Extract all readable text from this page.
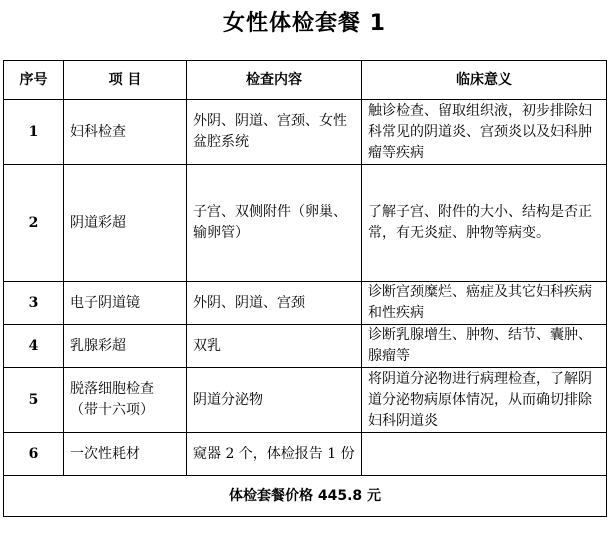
女性体检套餐 1
序号	项 目	检查内容	临床意义
1	妇科检查	外阴、阴道、宫颈、女性盆腔系统	触诊检查、留取组织液，初步排除妇科常见的阴道炎、宫颈炎以及妇科肿瘤等疾病
2	阴道彩超	子宫、双侧附件（卵巢、输卵管）	了解子宫、附件的大小、结构是否正常，有无炎症、肿物等病变。
3	电子阴道镜	外阴、阴道、宫颈	诊断宫颈糜烂、癌症及其它妇科疾病和性疾病
4	乳腺彩超	双乳	诊断乳腺增生、肿物、结节、囊肿、腺瘤等
5	脱落细胞检查（带十六项）	阴道分泌物	将阴道分泌物进行病理检查，了解阴道分泌物病原体情况，从而确切排除妇科阴道炎
6	一次性耗材	窥器 2 个，体检报告 1 份	
体检套餐价格 445.8 元			
